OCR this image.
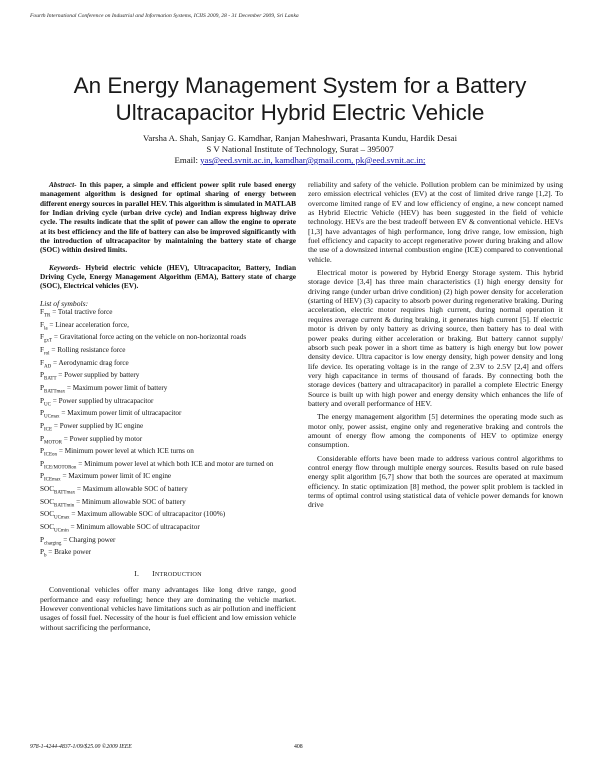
Fourth International Conference on Industrial and Information Systems, ICIIS 2009, 28 - 31 December 2009, Sri Lanka
An Energy Management System for a Battery
Ultracapacitor Hybrid Electric Vehicle
Varsha A. Shah, Sanjay G. Kamdhar, Ranjan Maheshwari, Prasanta Kundu, Hardik Desai
S V National Institute of Technology, Surat – 395007
Email: yas@eed.svnit.ac.in, kamdhar@gmail.com, pk@eed.svnit.ac.in;

Abstract- In this paper, a simple and efficient power split rule based energy management algorithm is designed for optimal sharing of energy between different energy sources in parallel HEV. This algorithm is simulated in MATLAB for Indian driving cycle (urban drive cycle) and Indian express highway drive cycle. The results indicate that the split of power can allow the engine to operate at its best efficiency and the life of battery can also be improved significantly with the introduction of ultracapacitor by maintaining the battery state of charge (SOC) within desired limits.

Keywords- Hybrid electric vehicle (HEV), Ultracapacitor, Battery, Indian Driving Cycle, Energy Management Algorithm (EMA), Battery state of charge (SOC), Electrical vehicles (EV).

List of symbols:

$F_{TR}$ = Total tractive force

$F_{la}$ = Linear acceleration force,

$F_{gxT}$ = Gravitational force acting on the vehicle on non-horizontal roads

$F_{rol}$ = Rolling resistance force

$F_{AD}$ = Aerodynamic drag force

$P_{BATT}$ = Power supplied by battery

$P_{BATTmax}$ = Maximum power limit of battery

$P_{UC}$ = Power supplied by ultracapacitor

$P_{UCmax}$ = Maximum power limit of ultracapacitor

$P_{ICE}$ = Power supplied by IC engine

$P_{MOTOR}$ = Power supplied by motor

$P_{ICEon}$ = Minimum power level at which ICE turns on

$P_{ICE/MOTORon}$ = Minimum power level at which both ICE and motor are turned on

$P_{ICEmax}$ = Maximum power limit of IC engine

$SOC_{BATTmax}$ = Maximum allowable SOC of battery

$SOC_{BATTmin}$ = Minimum allowable SOC of battery

$SOC_{UCmax}$ = Maximum allowable SOC of ultracapacitor (100%)

$SOC_{UCmin}$ = Minimum allowable SOC of ultracapacitor

$P_{charging}$ = Charging power

$P_b$ = Brake power

I. INTRODUCTION

Conventional vehicles offer many advantages like long drive range, good performance and easy refueling; hence they are dominating the vehicle market. However conventional vehicles have limitations such as air pollution and inefficient usages of fossil fuel. Necessity of the hour is fuel efficient and low emission vehicle without sacrificing the performance,

reliability and safety of the vehicle. Pollution problem can be minimized by using zero emission electrical vehicles (EV) at the cost of limited drive range [1,2]. To overcome limited range of EV and low efficiency of engine, a new concept named as Hybrid Electric Vehicle (HEV) has been suggested in the field of vehicle technology. HEVs are the best tradeoff between EV & conventional vehicle. HEVs [1,3] have advantages of high performance, long drive range, low emission, high fuel efficiency and capacity to accept regenerative power during braking and allow the use of a downsized internal combustion engine (ICE) compared to conventional vehicle.

Electrical motor is powered by Hybrid Energy Storage system. This hybrid storage device [3,4] has three main characteristics (1) high energy density for driving range (under urban drive condition) (2) high power density for acceleration (starting of HEV) (3) capacity to absorb power during regenerative braking. During acceleration, electric motor requires high current, during normal operation it requires average current & during braking, it generates high current [5]. If electric motor is driven by only battery as driving source, then battery has to deal with power peaks during either acceleration or braking. But battery cannot supply/ absorb such peak power in a short time as battery is high energy but low power density device. Ultra capacitor is low energy density, high power density and long life device. Its operating voltage is in the range of 2.3V to 2.5V [2,4] and offers very high capacitance in terms of thousand of farads. By connecting both the storage devices (battery and ultracapacitor) in parallel a complete Electric Energy Source is built up with high power and energy density which enhances the life of battery and overall performance of HEV.

The energy management algorithm [5] determines the operating mode such as motor only, power assist, engine only and regenerative braking and controls the amount of energy flow among the components of HEV to optimize energy consumption.

Considerable efforts have been made to address various control algorithms to control energy flow through multiple energy sources. Results based on rule based energy split algorithm [6,7] show that both the sources are operated at maximum efficiency. In static optimization [8] method, the power split problem is tackled in terms of optimal control using statistical data of vehicle power demands for known drive

978-1-4244-4837-1/09/$25.00 ©2009 IEEE	408
